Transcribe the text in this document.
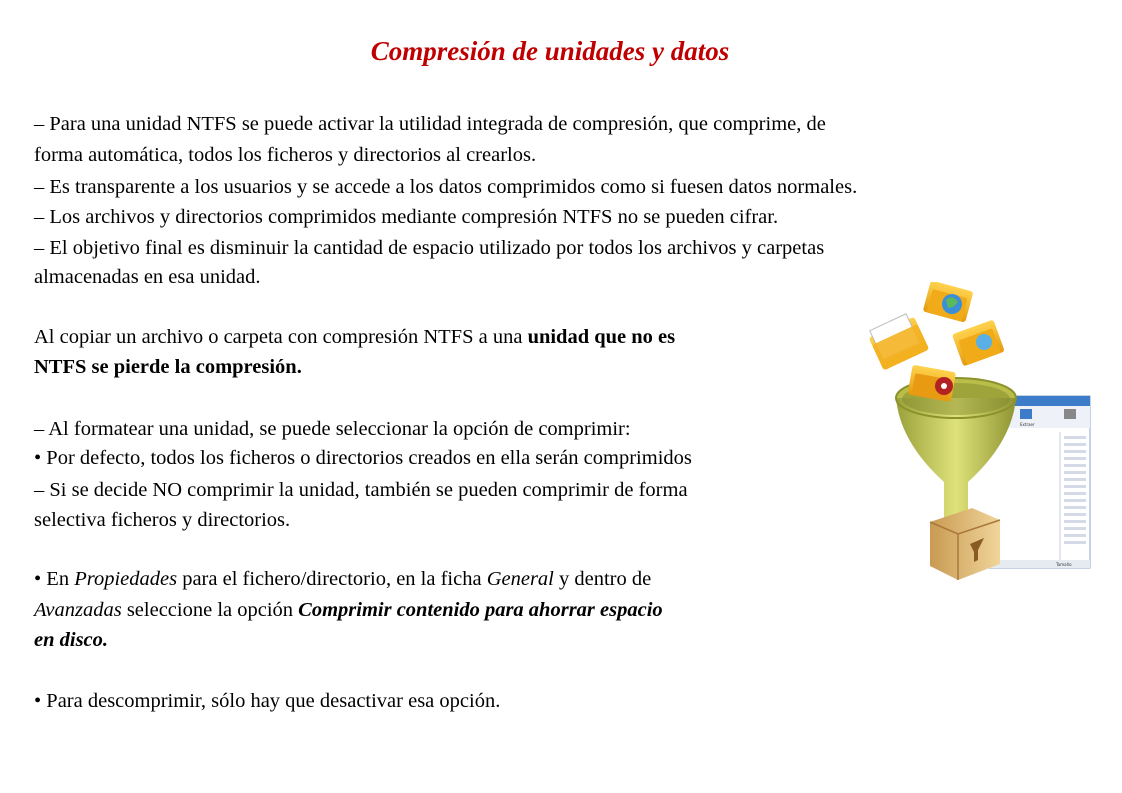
Compresión de unidades y datos
– Para una unidad NTFS se puede activar la utilidad integrada de compresión, que comprime, de
forma automática, todos los ficheros y directorios al crearlos.
– Es transparente a los usuarios y se accede a los datos comprimidos como si fuesen datos normales.
– Los archivos y directorios comprimidos mediante compresión NTFS no se pueden cifrar.
– El objetivo final es disminuir la cantidad de espacio utilizado por todos los archivos y carpetas
almacenadas en esa unidad.
Al copiar un archivo o carpeta con compresión NTFS a una unidad que no es
NTFS se pierde la compresión.
– Al formatear una unidad, se puede seleccionar la opción de comprimir:
• Por defecto, todos los ficheros o directorios creados en ella serán comprimidos
– Si se decide NO comprimir la unidad, también se pueden comprimir de forma
selectiva ficheros y directorios.
• En Propiedades para el fichero/directorio, en la ficha General y dentro de
Avanzadas seleccione la opción Comprimir contenido para ahorrar espacio
en disco.
• Para descomprimir, sólo hay que desactivar esa opción.
Extraer
Tamaño
